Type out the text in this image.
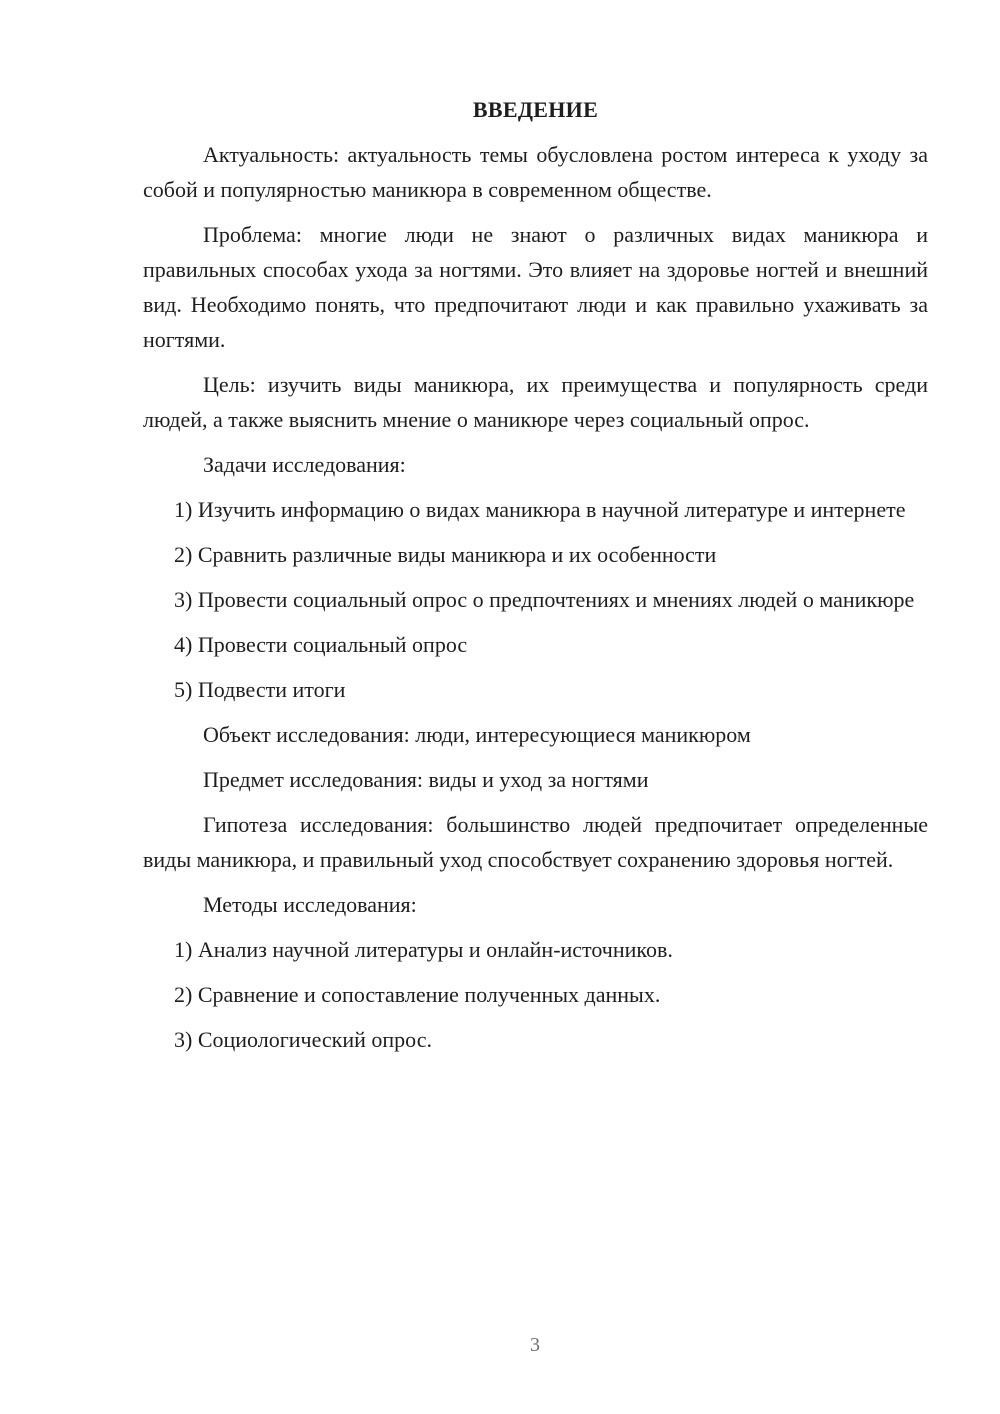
ВВЕДЕНИЕ

Актуальность: актуальность темы обусловлена ростом интереса к уходу за собой и популярностью маникюра в современном обществе.

Проблема: многие люди не знают о различных видах маникюра и правильных способах ухода за ногтями. Это влияет на здоровье ногтей и внешний вид. Необходимо понять, что предпочитают люди и как правильно ухаживать за ногтями.

Цель: изучить виды маникюра, их преимущества и популярность среди людей, а также выяснить мнение о маникюре через социальный опрос.

Задачи исследования:

1) Изучить информацию о видах маникюра в научной литературе и интернете

2) Сравнить различные виды маникюра и их особенности

3) Провести социальный опрос о предпочтениях и мнениях людей о маникюре

4) Провести социальный опрос

5) Подвести итоги

Объект исследования: люди, интересующиеся маникюром

Предмет исследования: виды и уход за ногтями

Гипотеза исследования: большинство людей предпочитает определенные виды маникюра, и правильный уход способствует сохранению здоровья ногтей.

Методы исследования:

1) Анализ научной литературы и онлайн-источников.

2) Сравнение и сопоставление полученных данных.

3) Социологический опрос.

3
